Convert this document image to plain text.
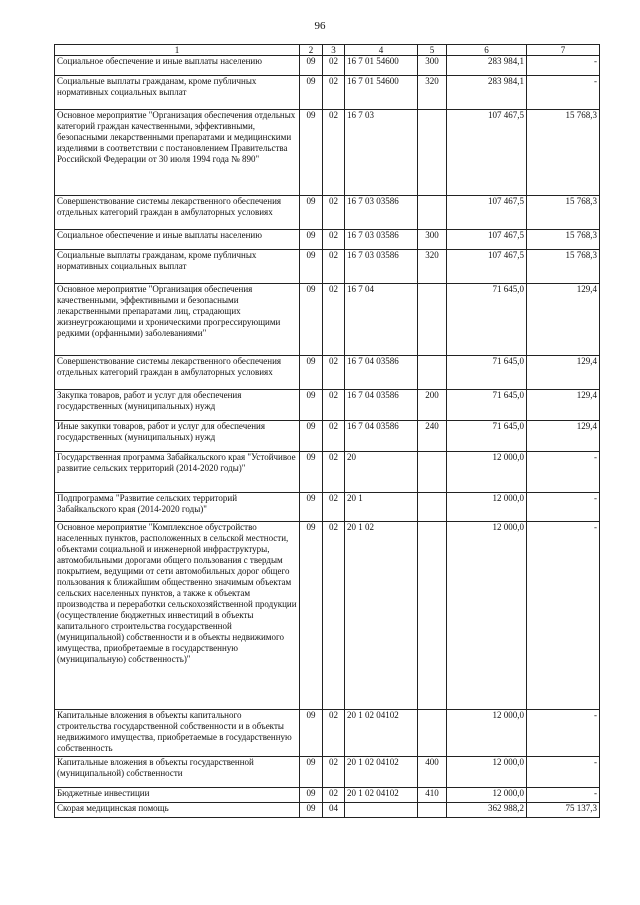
96
1	2	3	4	5	6	7
Социальное обеспечение и иные выплаты населению	09	02	16 7 01 54600	300	283 984,1	-
Социальные выплаты гражданам, кроме публичных нормативных социальных выплат	09	02	16 7 01 54600	320	283 984,1	-
Основное мероприятие "Организация обеспечения отдельных категорий граждан качественными, эффективными, безопасными лекарственными препаратами и медицинскими изделиями в соответствии с постановлением Правительства Российской Федерации от 30 июля 1994 года № 890"	09	02	16 7 03		107 467,5	15 768,3
Совершенствование системы лекарственного обеспечения отдельных категорий граждан в амбулаторных условиях	09	02	16 7 03 03586		107 467,5	15 768,3
Социальное обеспечение и иные выплаты населению	09	02	16 7 03 03586	300	107 467,5	15 768,3
Социальные выплаты гражданам, кроме публичных нормативных социальных выплат	09	02	16 7 03 03586	320	107 467,5	15 768,3
Основное мероприятие "Организация обеспечения качественными, эффективными и безопасными лекарственными препаратами лиц, страдающих жизнеугрожающими и хроническими прогрессирующими редкими (орфанными) заболеваниями"	09	02	16 7 04		71 645,0	129,4
Совершенствование системы лекарственного обеспечения отдельных категорий граждан в амбулаторных условиях	09	02	16 7 04 03586		71 645,0	129,4
Закупка товаров, работ и услуг для обеспечения государственных (муниципальных) нужд	09	02	16 7 04 03586	200	71 645,0	129,4
Иные закупки товаров, работ и услуг для обеспечения государственных (муниципальных) нужд	09	02	16 7 04 03586	240	71 645,0	129,4
Государственная программа Забайкальского края "Устойчивое развитие сельских территорий (2014-2020 годы)"	09	02	20		12 000,0	-
Подпрограмма "Развитие сельских территорий Забайкальского края (2014-2020 годы)"	09	02	20 1		12 000,0	-
Основное мероприятие "Комплексное обустройство населенных пунктов, расположенных в сельской местности, объектами социальной и инженерной инфраструктуры, автомобильными дорогами общего пользования с твердым покрытием, ведущими от сети автомобильных дорог общего пользования к ближайшим общественно значимым объектам сельских населенных пунктов, а также к объектам производства и переработки сельскохозяйственной продукции (осуществление бюджетных инвестиций в объекты капитального строительства государственной (муниципальной) собственности и в объекты недвижимого имущества, приобретаемые в государственную (муниципальную) собственность)"	09	02	20 1 02		12 000,0	-
Капитальные вложения в объекты капитального строительства государственной собственности и в объекты недвижимого имущества, приобретаемые в государственную собственность	09	02	20 1 02 04102		12 000,0	-
Капитальные вложения в объекты государственной (муниципальной) собственности	09	02	20 1 02 04102	400	12 000,0	-
Бюджетные инвестиции	09	02	20 1 02 04102	410	12 000,0	-
Скорая медицинская помощь	09	04			362 988,2	75 137,3
